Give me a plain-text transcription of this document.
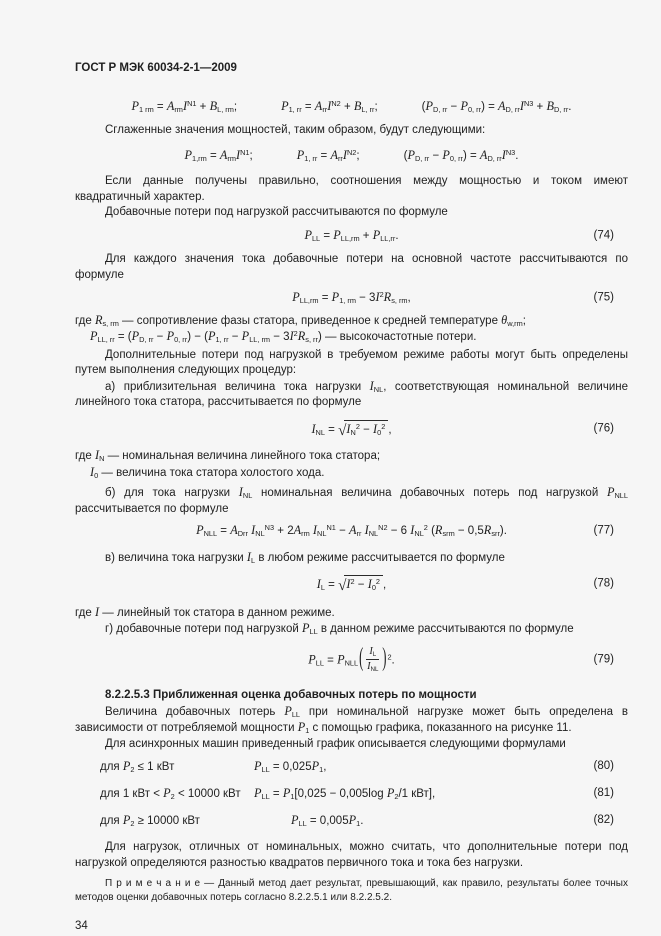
ГОСТ Р МЭК 60034-2-1—2009

$P_{1 rm} = A_{rm}I^{N1} + B_{L, rm}$;	$P_{1, rr} = A_{rr}I^{N2} + B_{L, rr}$;	$(P_{D, rr} - P_{0, rr}) = A_{D, rr}I^{N3} + B_{D, rr}$.

Сглаженные значения мощностей, таким образом, будут следующими:

$P_{1,rm} = A_{rm}I^{N1}$;	$P_{1, rr} = A_{rr}I^{N2}$;	$(P_{D, rr} - P_{0, rr}) = A_{D, rr}I^{N3}$.

Если данные получены правильно, соотношения между мощностью и током имеют квадратичный характер.

Добавочные потери под нагрузкой рассчитываются по формуле

$P_{LL} = P_{LL,rm} + P_{LL,rr}$.	(74)

Для каждого значения тока добавочные потери на основной частоте рассчитываются по формуле

$P_{LL,rm} = P_{1, rm} - 3I^2R_{s, rm}$,	(75)
где $R_{s, rm}$ — сопротивление фазы статора, приведенное к средней температуре $\theta_{w,rm}$;
$P_{LL, rr} = (P_{D, rr} - P_{0, rr}) - (P_{1, rr} - P_{LL, rm} - 3I^2R_{s, rr})$ — высокочастотные потери.

Дополнительные потери под нагрузкой в требуемом режиме работы могут быть определены путем выполнения следующих процедур:

а) приблизительная величина тока нагрузки $I_{NL}$, соответствующая номинальной величине линейного тока статора, рассчитывается по формуле

$I_{NL} = √I_N^2 - I_0^2$ ,	(76)
где $I_N$ — номинальная величина линейного тока статора;
$I_0$ — величина тока статора холостого хода.

б) для тока нагрузки $I_{NL}$ номинальная величина добавочных потерь под нагрузкой $P_{NLL}$ рассчитывается по формуле

$P_{NLL} = A_{Drr}$ $I_{NL}^{N3} + 2A_{rm}$ $I_{NL}^{N1} - A_{rr}$ $I_{NL}^{N2} - 6$ $I_{NL}^2$ $(R_{srm} - 0,5R_{srr})$.	(77)

в) величина тока нагрузки $I_L$ в любом режиме рассчитывается по формуле

$I_L = √I^2 - I_0^2$ ,	(78)
где I — линейный ток статора в данном режиме.

г) добавочные потери под нагрузкой $P_{LL}$ в данном режиме рассчитываются по формуле

$P_{LL} = P_{NLL}( \frac{I_L}{I_{NL}} )^2$.	(79)

8.2.2.5.3 Приближенная оценка добавочных потерь по мощности

Величина добавочных потерь $P_{LL}$ при номинальной нагрузке может быть определена в зависимости от потребляемой мощности $P_1$ с помощью графика, показанного на рисунке 11.

Для асинхронных машин приведенный график описывается следующими формулами

для $P_2 \le 1$ кВт	$P_{LL} = 0,025P_1$,	(80)
для 1 кВт < $P_2 < 10000$ кВт $P_{LL} = P_1[0,025 - 0,005\log$ $P_2/1$ кВт],	(81)
для $P_2 \ge 10000$ кВт	$P_{LL} = 0,005P_1$.	(82)

Для нагрузок, отличных от номинальных, можно считать, что дополнительные потери под нагрузкой определяются разностью квадратов первичного тока и тока без нагрузки.

П р и м е ч а н и е — Данный метод дает результат, превышающий, как правило, результаты более точных методов оценки добавочных потерь согласно 8.2.2.5.1 или 8.2.2.5.2.

34
